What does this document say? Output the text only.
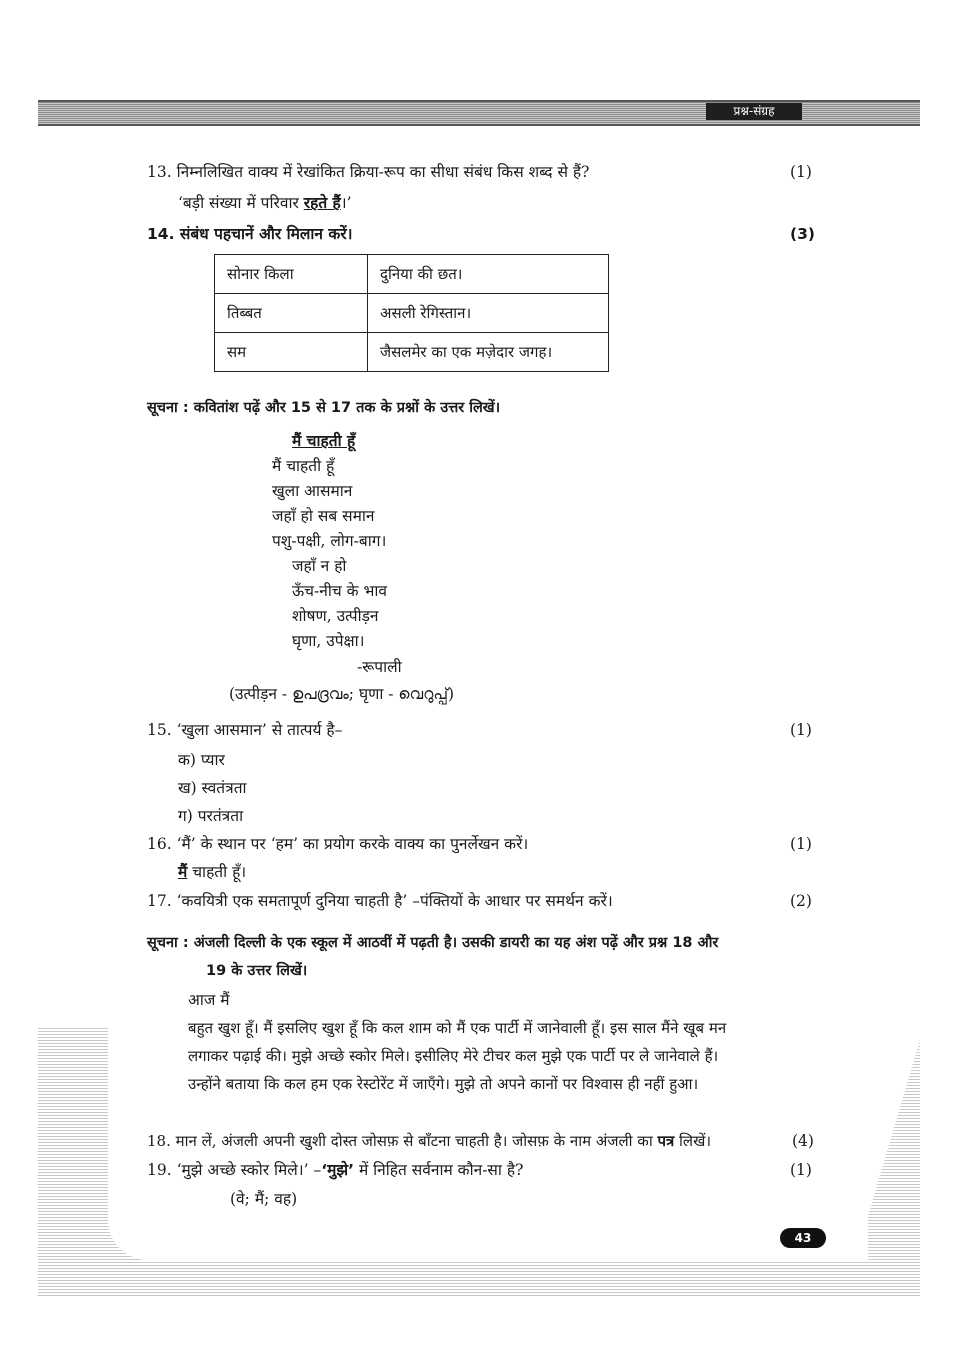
प्रश्न-संग्रह
13. निम्नलिखित वाक्य में रेखांकित क्रिया-रूप का सीधा संबंध किस शब्द से हैं?	(1)
‘बड़ी संख्या में परिवार रहते हैं।’
14. संबंध पहचानें और मिलान करें।	(3)
सोनार किला	दुनिया की छत।
तिब्बत	असली रेगिस्तान।
सम	जैसलमेर का एक मज़ेदार जगह।
सूचना : कवितांश पढ़ें और 15 से 17 तक के प्रश्नों के उत्तर लिखें।
मैं चाहती हूँ
मैं चाहती हूँ
खुला आसमान
जहाँ हो सब समान
पशु-पक्षी, लोग-बाग।
जहाँ न हो
ऊँच-नीच के भाव
शोषण, उत्पीड़न
घृणा, उपेक्षा।
-रूपाली
(उत्पीड़न - ഉപദ്രവം; घृणा - വെറുപ്പ്)
15. ‘खुला आसमान’ से तात्पर्य है–	(1)
क) प्यार
ख) स्वतंत्रता
ग) परतंत्रता
16. ‘मैं’ के स्थान पर ‘हम’ का प्रयोग करके वाक्य का पुनर्लेखन करें।	(1)
मैं चाहती हूँ।
17. ‘कवयित्री एक समतापूर्ण दुनिया चाहती है’ –पंक्तियों के आधार पर समर्थन करें।	(2)
सूचना : अंजली दिल्ली के एक स्कूल में आठवीं में पढ़ती है। उसकी डायरी का यह अंश पढ़ें और प्रश्न 18 और
19 के उत्तर लिखें।
आज मैं
बहुत खुश हूँ। मैं इसलिए खुश हूँ कि कल शाम को मैं एक पार्टी में जानेवाली हूँ। इस साल मैंने खूब मन
लगाकर पढ़ाई की। मुझे अच्छे स्कोर मिले। इसीलिए मेरे टीचर कल मुझे एक पार्टी पर ले जानेवाले हैं।
उन्होंने बताया कि कल हम एक रेस्टोरेंट में जाएँगे। मुझे तो अपने कानों पर विश्वास ही नहीं हुआ।
18. मान लें, अंजली अपनी खुशी दोस्त जोसफ़ से बाँटना चाहती है। जोसफ़ के नाम अंजली का पत्र लिखें।	(4)
19. ‘मुझे अच्छे स्कोर मिले।’ –‘मुझे’ में निहित सर्वनाम कौन-सा है?	(1)
(वे; मैं; वह)
43
